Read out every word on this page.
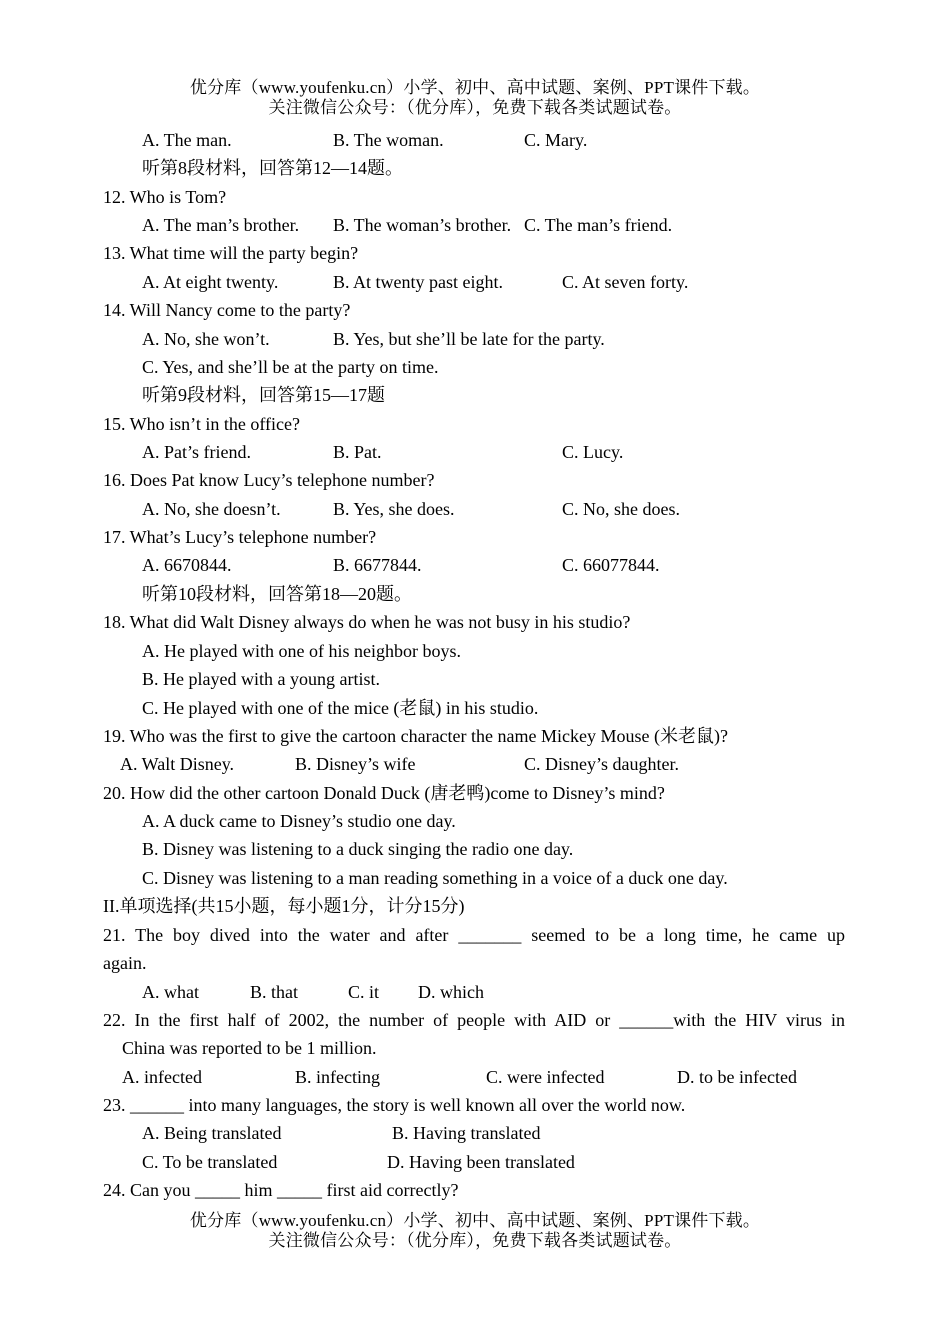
优分库（www.youfenku.cn）小学、初中、高中试题、案例、PPT课件下载。
关注微信公众号：（优分库），免费下载各类试题试卷。
A. The man.	B. The woman.	C. Mary.
听第8段材料，回答第12—14题。
12. Who is Tom?
A. The man’s brother. B. The woman’s brother. C. The man’s friend.
13. What time will the party begin?
A. At eight twenty.	B. At twenty past eight.	C. At seven forty.
14. Will Nancy come to the party?
A. No, she won’t.	B. Yes, but she’ll be late for the party.
C. Yes, and she’ll be at the party on time.
听第9段材料，回答第15—17题
15. Who isn’t in the office?
A. Pat’s friend.	B. Pat.	C. Lucy.
16. Does Pat know Lucy’s telephone number?
A. No, she doesn’t.	B. Yes, she does.	C. No, she does.
17. What’s Lucy’s telephone number?
A. 6670844.	B. 6677844.	C. 66077844.
听第10段材料，回答第18—20题。
18. What did Walt Disney always do when he was not busy in his studio?
A. He played with one of his neighbor boys.
B. He played with a young artist.
C. He played with one of the mice (老鼠) in his studio.
19. Who was the first to give the cartoon character the name Mickey Mouse (米老鼠)?
A. Walt Disney.	B. Disney’s wife	C. Disney’s daughter.
20. How did the other cartoon Donald Duck (唐老鸭)come to Disney’s mind?
A. A duck came to Disney’s studio one day.
B. Disney was listening to a duck singing the radio one day.
C. Disney was listening to a man reading something in a voice of a duck one day.
II.单项选择(共15小题，每小题1分，计分15分)
21. The boy dived into the water and after _______ seemed to be a long time, he came up
again.
A. what	B. that	C. it D. which
22. In the first half of 2002, the number of people with AID or ______with the HIV virus in
China was reported to be 1 million.
A. infected	B. infecting	C. were infected	D. to be infected
23. ______ into many languages, the story is well known all over the world now.
A. Being translated	B. Having translated
C. To be translated	D. Having been translated
24. Can you _____ him _____ first aid correctly?
优分库（www.youfenku.cn）小学、初中、高中试题、案例、PPT课件下载。
关注微信公众号：（优分库），免费下载各类试题试卷。
